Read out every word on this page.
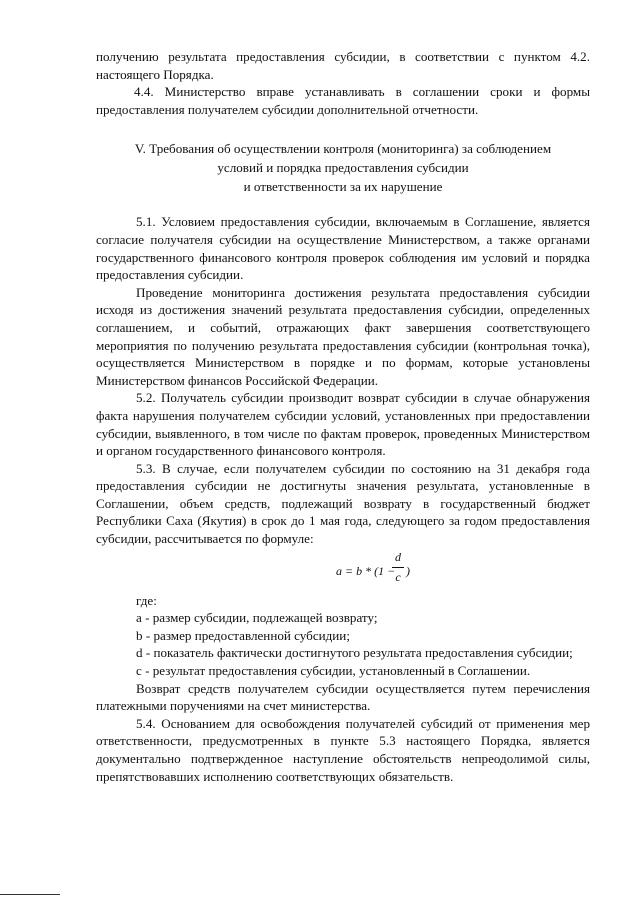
получению результата предоставления субсидии, в соответствии с пунктом 4.2. настоящего Порядка.

4.4. Министерство вправе устанавливать в соглашении сроки и формы предоставления получателем субсидии дополнительной отчетности.

V. Требования об осуществлении контроля (мониторинга) за соблюдением
условий и порядка предоставления субсидии
и ответственности за их нарушение

5.1. Условием предоставления субсидии, включаемым в Соглашение, является согласие получателя субсидии на осуществление Министерством, а также органами государственного финансового контроля проверок соблюдения им условий и порядка предоставления субсидии.

Проведение мониторинга достижения результата предоставления субсидии исходя из достижения значений результата предоставления субсидии, определенных соглашением, и событий, отражающих факт завершения соответствующего мероприятия по получению результата предоставления субсидии (контрольная точка), осуществляется Министерством в порядке и по формам, которые установлены Министерством финансов Российской Федерации.

5.2. Получатель субсидии производит возврат субсидии в случае обнаружения факта нарушения получателем субсидии условий, установленных при предоставлении субсидии, выявленного, в том числе по фактам проверок, проведенных Министерством и органом государственного финансового контроля.

5.3. В случае, если получателем субсидии по состоянию на 31 декабря года предоставления субсидии не достигнуты значения результата, установленные в Соглашении, объем средств, подлежащий возврату в государственный бюджет Республики Саха (Якутия) в срок до 1 мая года, следующего за годом предоставления субсидии, рассчитывается по формуле:

a = b * (1 −
d
c )

где:

а - размер субсидии, подлежащей возврату;

b - размер предоставленной субсидии;

d - показатель фактически достигнутого результата предоставления субсидии;

с - результат предоставления субсидии, установленный в Соглашении.

Возврат средств получателем субсидии осуществляется путем перечисления платежными поручениями на счет министерства.

5.4. Основанием для освобождения получателей субсидий от применения мер ответственности, предусмотренных в пункте 5.3 настоящего Порядка, является документально подтвержденное наступление обстоятельств непреодолимой силы, препятствовавших исполнению соответствующих обязательств.
